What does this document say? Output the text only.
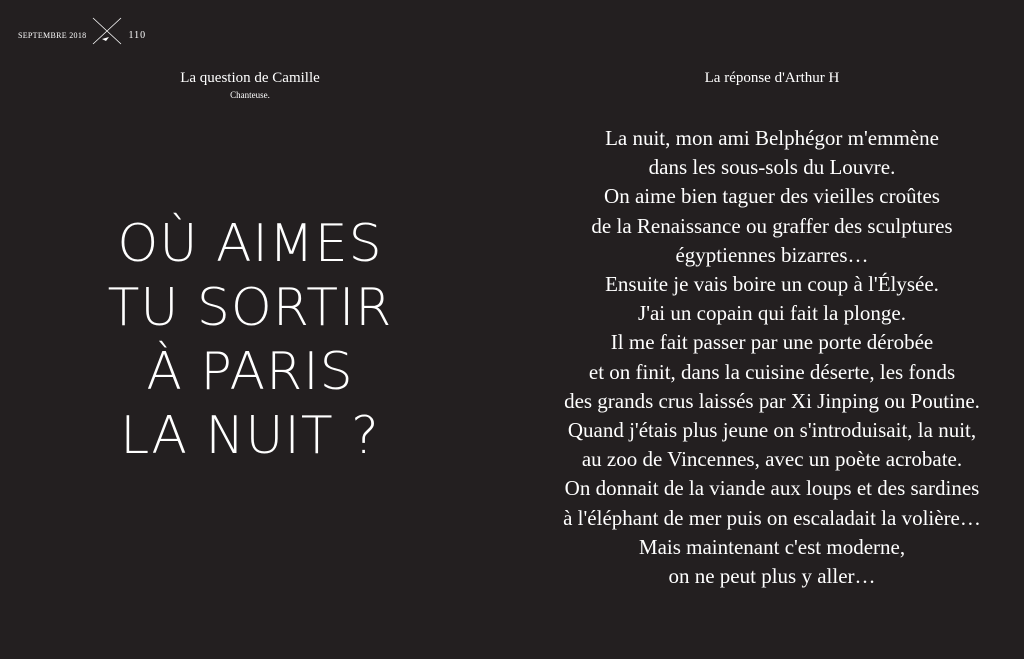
SEPTEMBRE 2018	110
La question de Camille
Chanteuse.
OÙ AIMES
TU SORTIR
À PARIS
LA NUIT ?
La réponse d'Arthur H
La nuit, mon ami Belphégor m'emmène
dans les sous-sols du Louvre.
On aime bien taguer des vieilles croûtes
de la Renaissance ou graffer des sculptures
égyptiennes bizarres…
Ensuite je vais boire un coup à l'Élysée.
J'ai un copain qui fait la plonge.
Il me fait passer par une porte dérobée
et on finit, dans la cuisine déserte, les fonds
des grands crus laissés par Xi Jinping ou Poutine.
Quand j'étais plus jeune on s'introduisait, la nuit,
au zoo de Vincennes, avec un poète acrobate.
On donnait de la viande aux loups et des sardines
à l'éléphant de mer puis on escaladait la volière…
Mais maintenant c'est moderne,
on ne peut plus y aller…
